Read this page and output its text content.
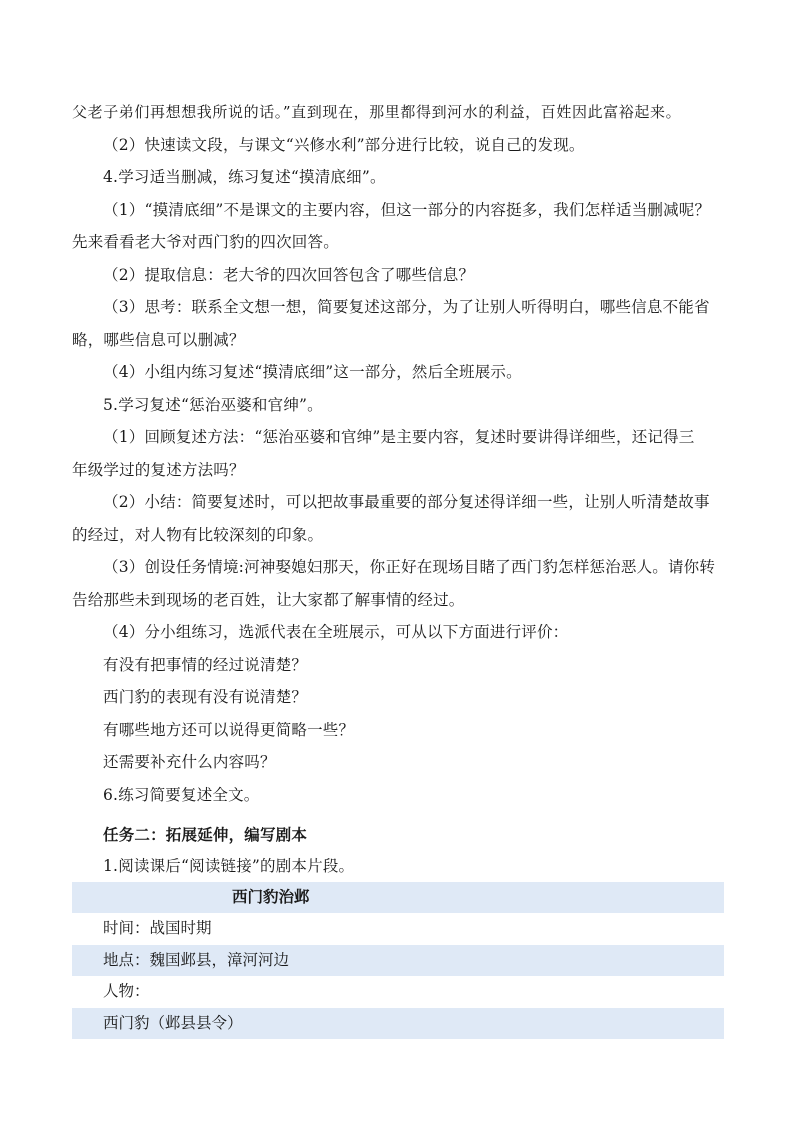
父老子弟们再想想我所说的话。”直到现在，那里都得到河水的利益，百姓因此富裕起来。
（2）快速读文段，与课文“兴修水利”部分进行比较，说自己的发现。
4.学习适当删减，练习复述“摸清底细”。
（1）“摸清底细”不是课文的主要内容，但这一部分的内容挺多，我们怎样适当删减呢？
先来看看老大爷对西门豹的四次回答。
（2）提取信息：老大爷的四次回答包含了哪些信息？
（3）思考：联系全文想一想，简要复述这部分，为了让别人听得明白，哪些信息不能省
略，哪些信息可以删减？
（4）小组内练习复述“摸清底细”这一部分，然后全班展示。
5.学习复述“惩治巫婆和官绅”。
（1）回顾复述方法：“惩治巫婆和官绅”是主要内容，复述时要讲得详细些，还记得三
年级学过的复述方法吗？
（2）小结：简要复述时，可以把故事最重要的部分复述得详细一些，让别人听清楚故事
的经过，对人物有比较深刻的印象。
（3）创设任务情境:河神娶媳妇那天，你正好在现场目睹了西门豹怎样惩治恶人。请你转
告给那些未到现场的老百姓，让大家都了解事情的经过。
（4）分小组练习，选派代表在全班展示，可从以下方面进行评价：
有没有把事情的经过说清楚？
西门豹的表现有没有说清楚？
有哪些地方还可以说得更简略一些？
还需要补充什么内容吗？
6.练习简要复述全文。
任务二：拓展延伸，编写剧本
1.阅读课后“阅读链接”的剧本片段。
西门豹治邺
时间：战国时期
地点：魏国邺县，漳河河边
人物：
西门豹（邺县县令）
